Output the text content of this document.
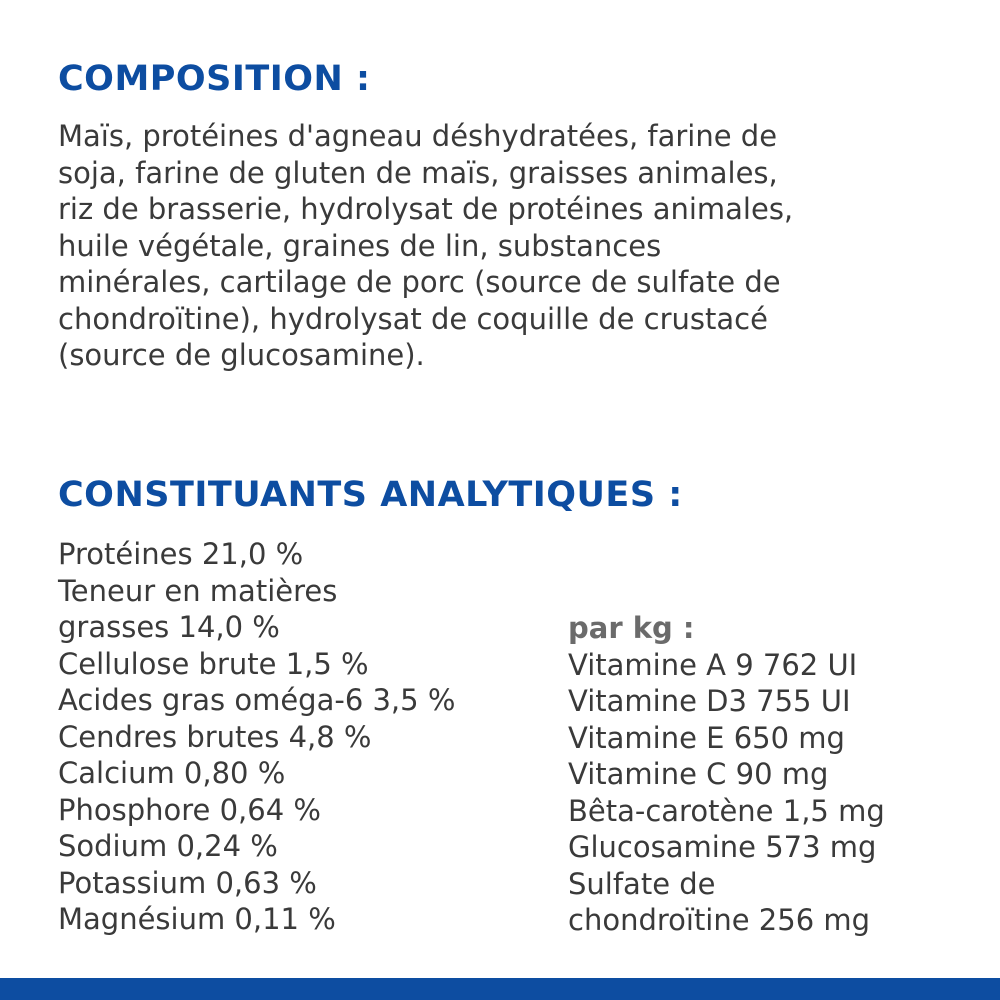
COMPOSITION :
Maïs, protéines d'agneau déshydratées, farine de
soja, farine de gluten de maïs, graisses animales,
riz de brasserie, hydrolysat de protéines animales,
huile végétale, graines de lin, substances
minérales, cartilage de porc (source de sulfate de
chondroïtine), hydrolysat de coquille de crustacé
(source de glucosamine).
CONSTITUANTS ANALYTIQUES :
Protéines 21,0 %
Teneur en matières
grasses 14,0 %
Cellulose brute 1,5 %
Acides gras oméga-6 3,5 %
Cendres brutes 4,8 %
Calcium 0,80 %
Phosphore 0,64 %
Sodium 0,24 %
Potassium 0,63 %
Magnésium 0,11 %
par kg :
Vitamine A 9 762 UI
Vitamine D3 755 UI
Vitamine E 650 mg
Vitamine C 90 mg
Bêta-carotène 1,5 mg
Glucosamine 573 mg
Sulfate de
chondroïtine 256 mg
